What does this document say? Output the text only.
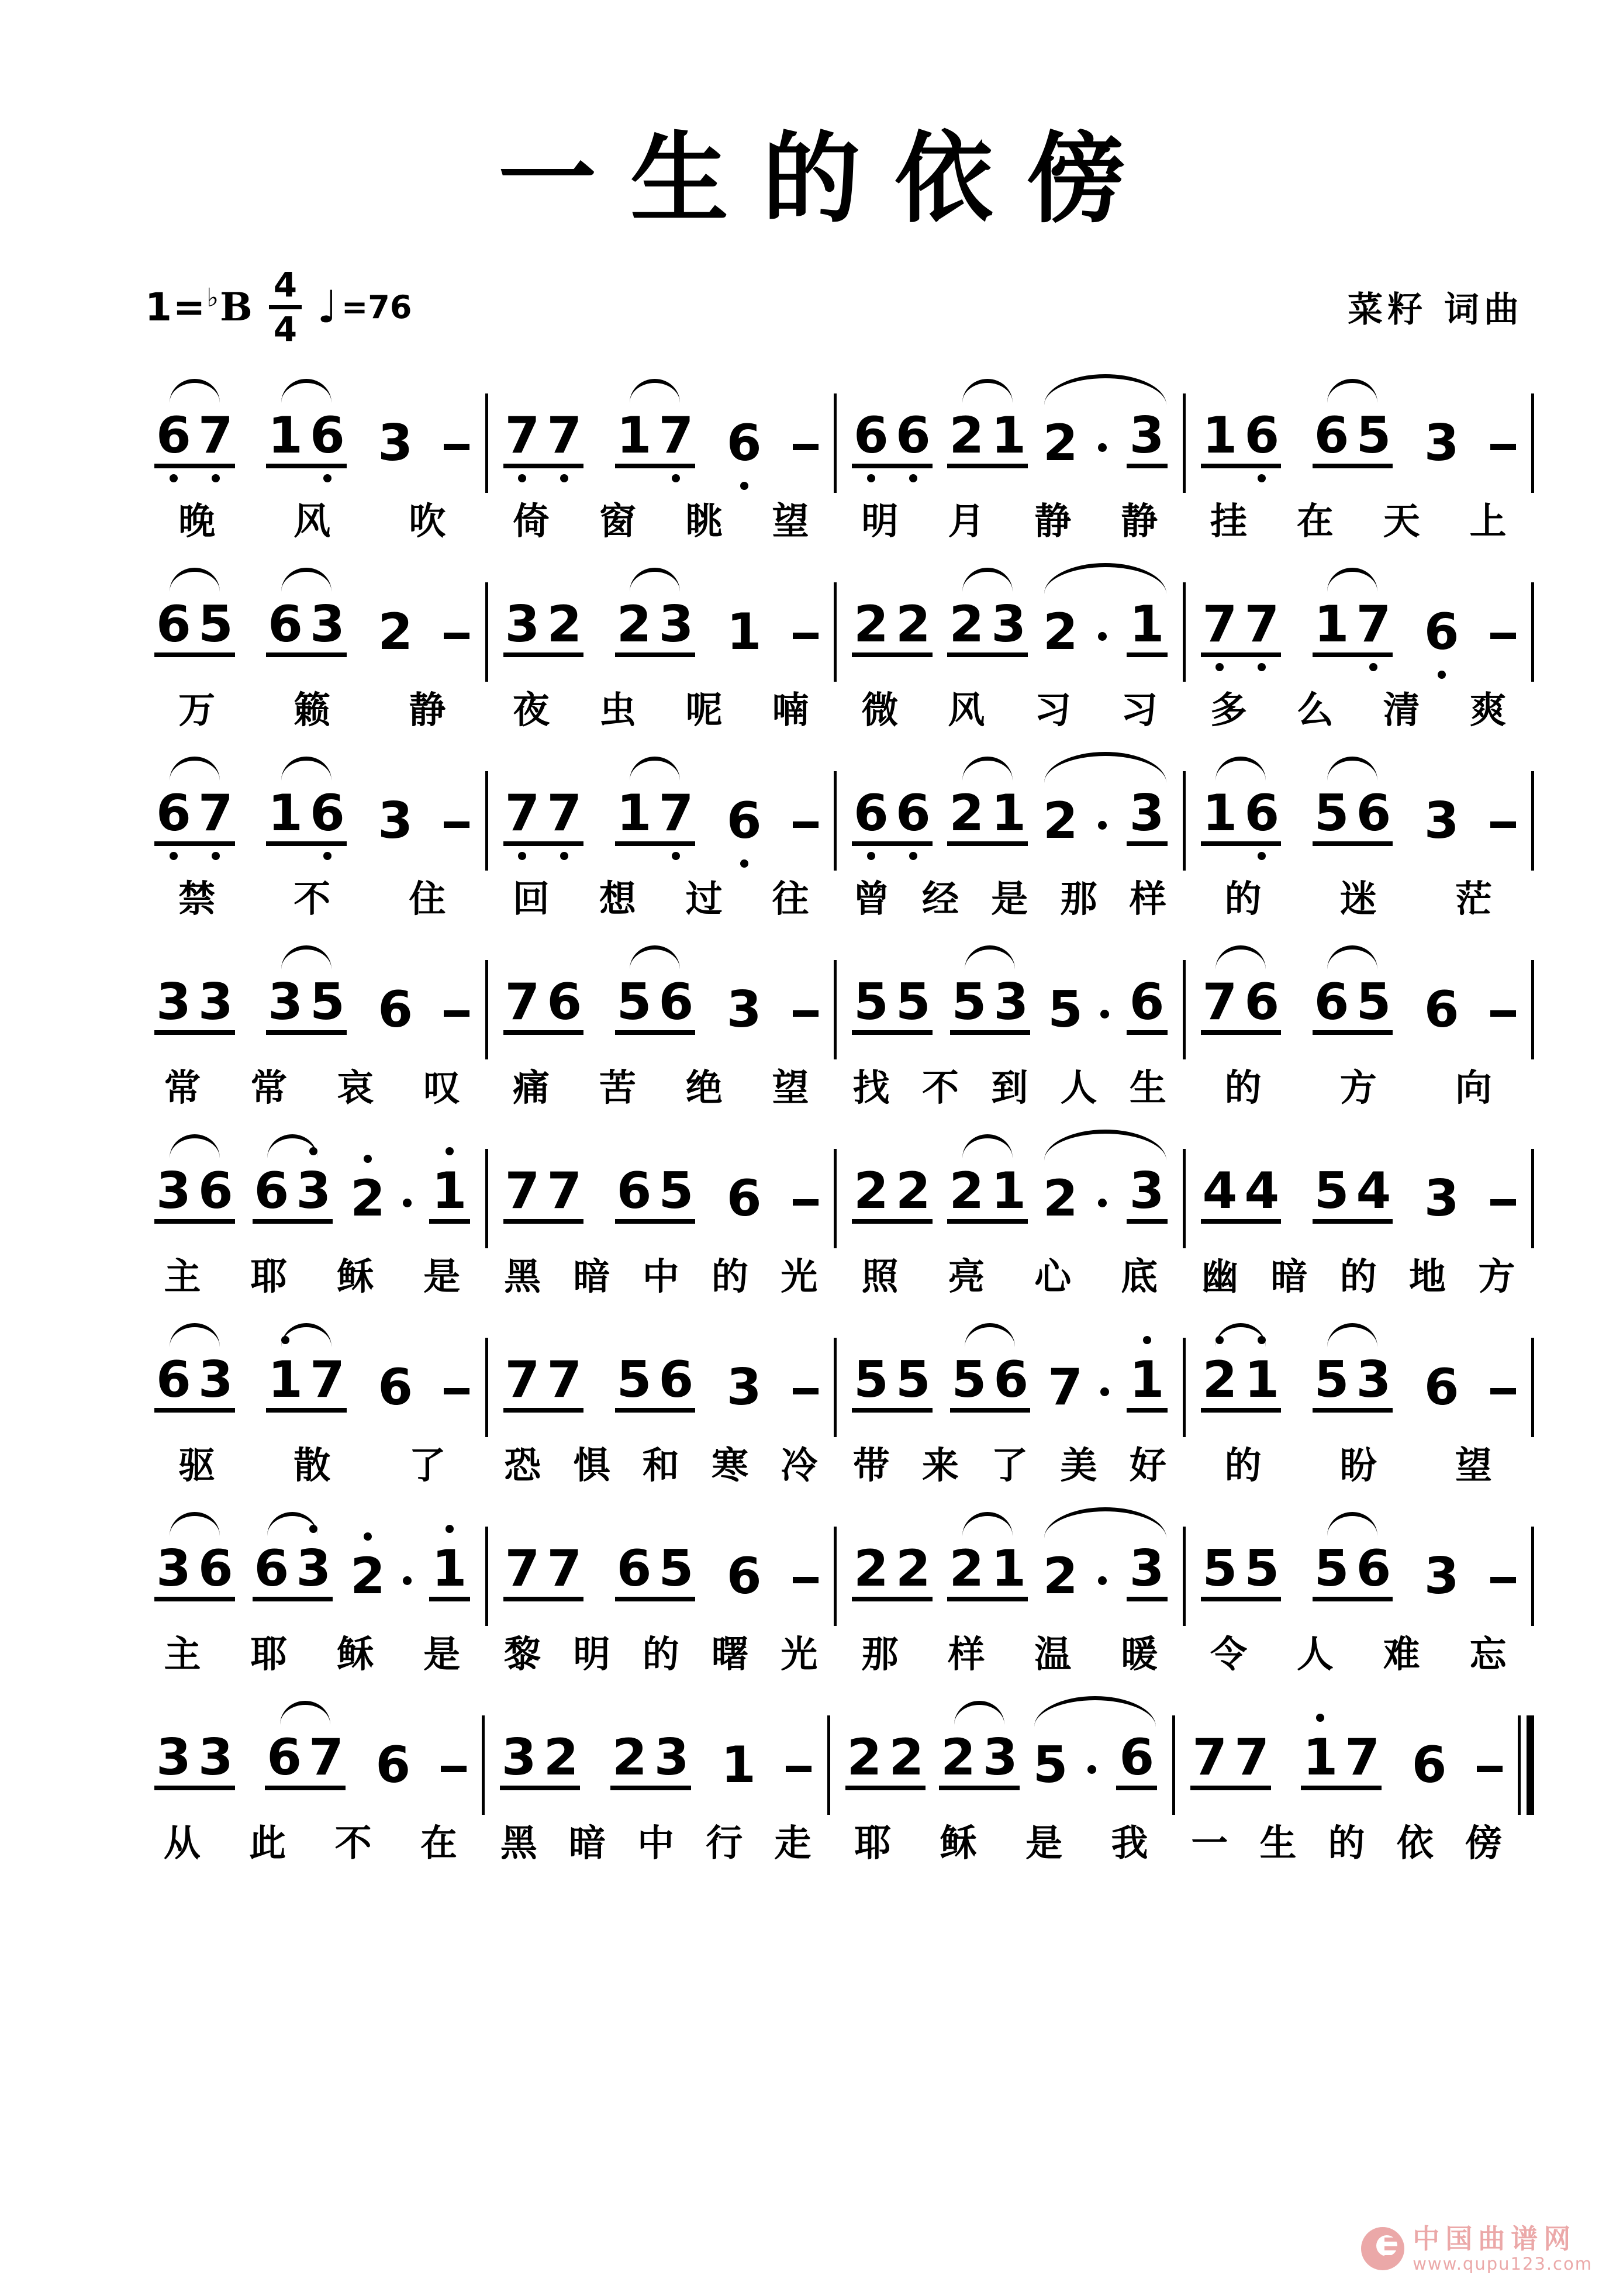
一生的依傍
$1=^♭B \frac{4}{4}$ ♩ =76	菜籽 词曲
6 7 1 6 3
晚 风 吹
7 7 1 7 6
倚 窗 眺 望
6 6 2 1 2 3
明 月 静 静
1 6 6 5 3
挂 在 天 上
6 5 6 3 2
万 籁 静
3 2 2 3 1
夜 虫 呢 喃
2 2 2 3 2 1
微 风 习 习
7 7 1 7 6
多 么 清 爽
6 7 1 6 3
禁 不 住
7 7 1 7 6
回 想 过 往
6 6 2 1 2 3
曾 经 是 那 样
1 6 5 6 3
的 迷 茫
3 3 3 5 6
常 常 哀 叹
7 6 5 6 3
痛 苦 绝 望
5 5 5 3 5 6
找 不 到 人 生
7 6 6 5 6
的 方 向
3 6 6 3 2 1
主 耶 稣 是
7 7 6 5 6
黑 暗 中 的 光
2 2 2 1 2 3
照 亮 心 底
4 4 5 4 3
幽 暗 的 地 方
6 3 1 7 6
驱 散 了
7 7 5 6 3
恐 惧 和 寒 冷
5 5 5 6 7 1
带 来 了 美 好
2 1 5 3 6
的 盼 望
3 6 6 3 2 1
主 耶 稣 是
7 7 6 5 6
黎 明 的 曙 光
2 2 2 1 2 3
那 样 温 暖
5 5 5 6 3
令 人 难 忘
3 3 6 7 6
从 此 不 在
3 2 2 3 1
黑 暗 中 行 走
2 2 2 3 5 6
耶 稣 是 我
7 7 1 7 6
一 生 的 依 傍
中国曲谱网
www.qupu123.com
